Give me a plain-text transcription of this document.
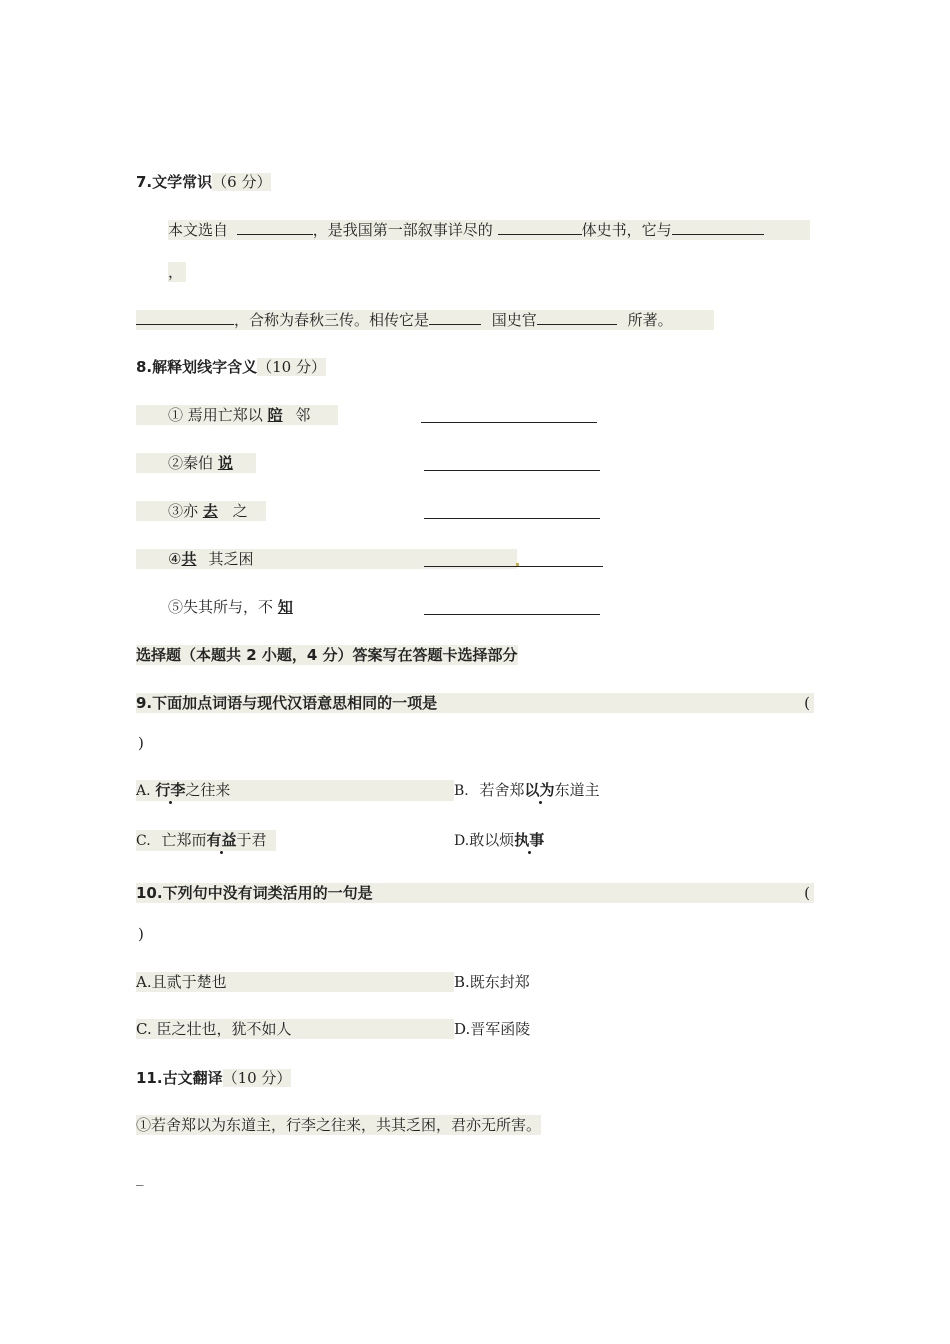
7.文学常识（6 分）
本文选自	，是我国第一部叙事详尽的	体史书，它与
，
，合称为春秋三传。相传它是	国史官	所著。
8.解释划线字含义（10 分）
① 焉用亡郑以 陪 邻
②秦伯 说
③亦 去 之
④共 其乏困
⑤失其所与，不 知
选择题（本题共 2 小题，4 分）答案写在答题卡选择部分
9.下面加点词语与现代汉语意思相同的一项是	(
)
A. 行李之往来	B. 若舍郑以为东道主
C. 亡郑而有益于君	D.敢以烦执事
10.下列句中没有词类活用的一句是	(
)
A.且贰于楚也	B.既东封郑
C. 臣之壮也，犹不如人	D.晋军函陵
11.古文翻译（10 分）
①若舍郑以为东道主，行李之往来，共其乏困，君亦无所害。
_
